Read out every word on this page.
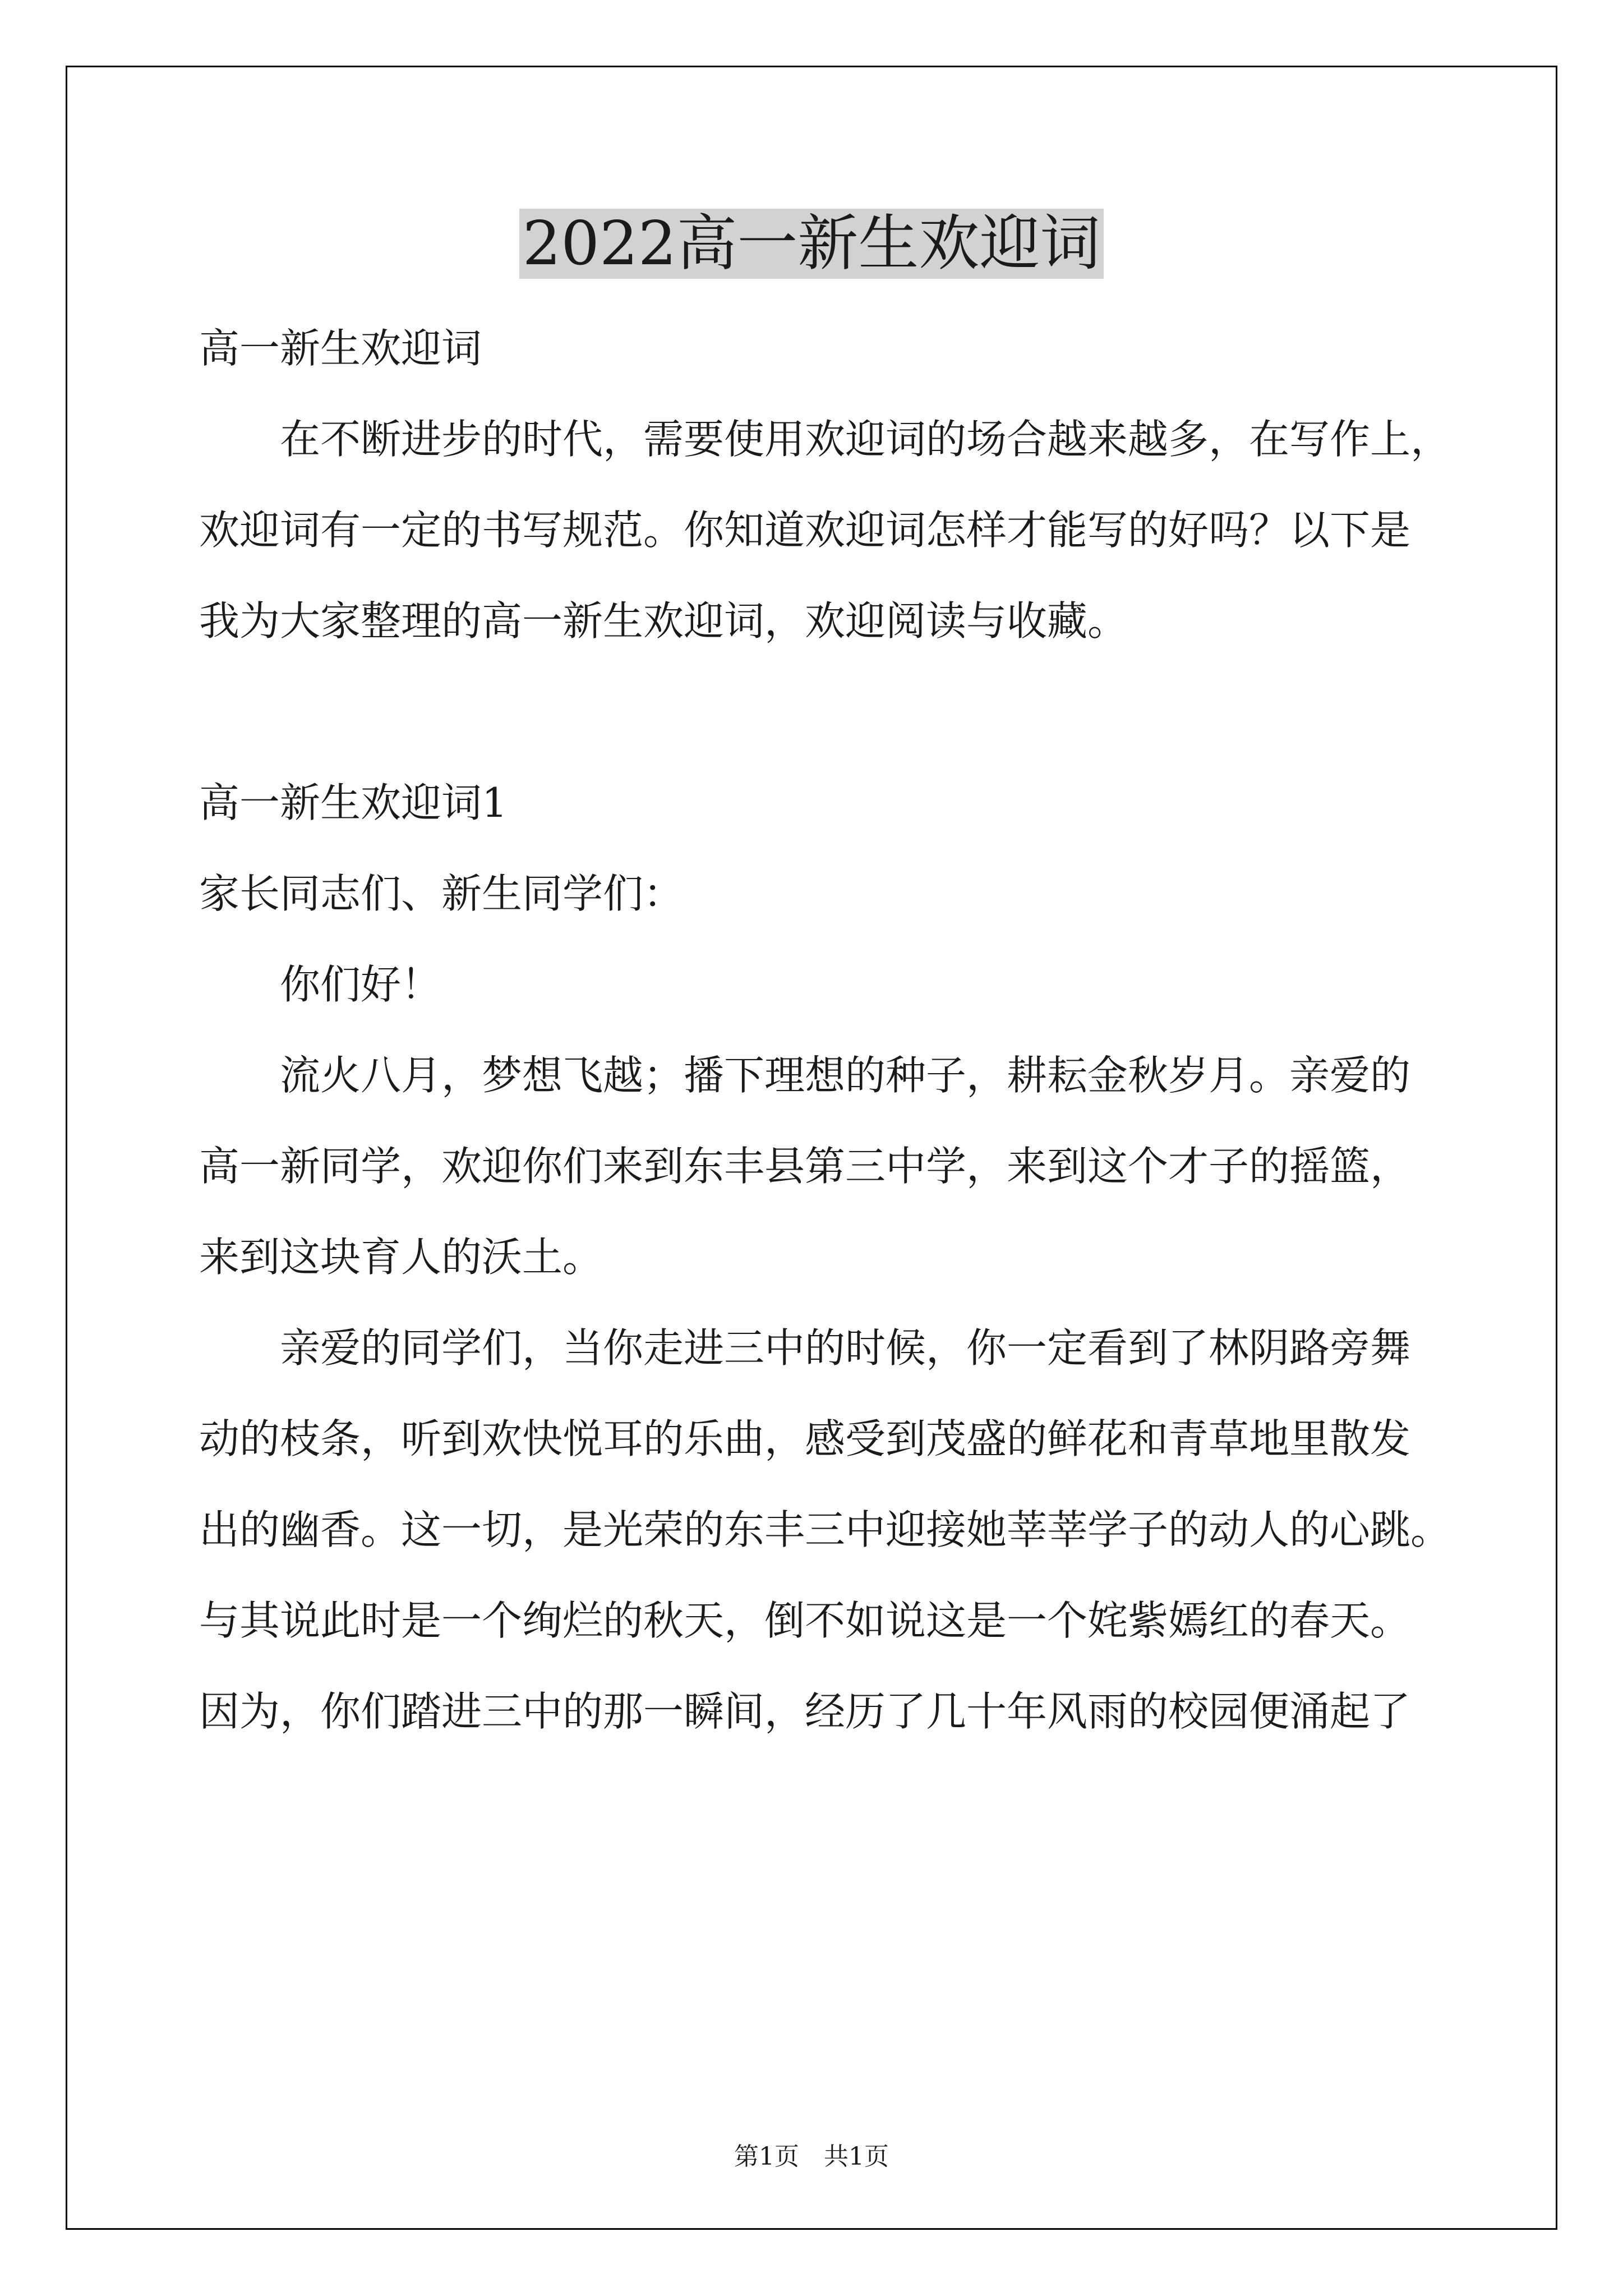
2022高一新生欢迎词

高一新生欢迎词

在不断进步的时代，需要使用欢迎词的场合越来越多，在写作上，

欢迎词有一定的书写规范。你知道欢迎词怎样才能写的好吗？以下是

我为大家整理的高一新生欢迎词，欢迎阅读与收藏。

高一新生欢迎词1

家长同志们、新生同学们：

你们好！

流火八月，梦想飞越；播下理想的种子，耕耘金秋岁月。亲爱的

高一新同学，欢迎你们来到东丰县第三中学，来到这个才子的摇篮，

来到这块育人的沃土。

亲爱的同学们，当你走进三中的时候，你一定看到了林阴路旁舞

动的枝条，听到欢快悦耳的乐曲，感受到茂盛的鲜花和青草地里散发

出的幽香。这一切，是光荣的东丰三中迎接她莘莘学子的动人的心跳。

与其说此时是一个绚烂的秋天，倒不如说这是一个姹紫嫣红的春天。

因为，你们踏进三中的那一瞬间，经历了几十年风雨的校园便涌起了

第1页　共1页
